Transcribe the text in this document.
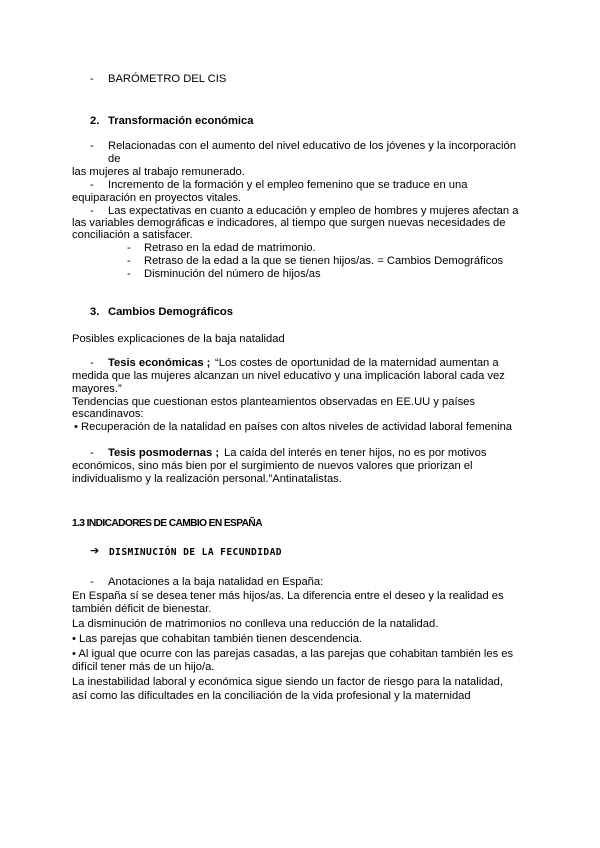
- BARÓMETRO DEL CIS
2. Transformación económica
- Relacionadas con el aumento del nivel educativo de los jóvenes y la incorporación
de
las mujeres al trabajo remunerado.
- Incremento de la formación y el empleo femenino que se traduce en una
equiparación en proyectos vitales.
- Las expectativas en cuanto a educación y empleo de hombres y mujeres afectan a
las variables demográficas e indicadores, al tiempo que surgen nuevas necesidades de
conciliación a satisfacer.
- Retraso en la edad de matrimonio.
- Retraso de la edad a la que se tienen hijos/as. = Cambios Demográficos
- Disminución del número de hijos/as
3. Cambios Demográficos
Posibles explicaciones de la baja natalidad
- Tesis económicas ; “Los costes de oportunidad de la maternidad aumentan a
medida que las mujeres alcanzan un nivel educativo y una implicación laboral cada vez
mayores.”
Tendencias que cuestionan estos planteamientos observadas en EE.UU y países
escandinavos:
• Recuperación de la natalidad en países con altos niveles de actividad laboral femenina
- Tesis posmodernas ; La caída del interés en tener hijos, no es por motivos
económicos, sino más bien por el surgimiento de nuevos valores que priorizan el
individualismo y la realización personal.”Antinatalistas.
1.3 INDICADORES DE CAMBIO EN ESPAÑA
➔ DISMINUCIÓN DE LA FECUNDIDAD
- Anotaciones a la baja natalidad en España:
En España sí se desea tener más hijos/as. La diferencia entre el deseo y la realidad es
también déficit de bienestar.
La disminución de matrimonios no conlleva una reducción de la natalidad.
• Las parejas que cohabitan también tienen descendencia.
• Al igual que ocurre con las parejas casadas, a las parejas que cohabitan también les es
difícil tener más de un hijo/a.
La inestabilidad laboral y económica sigue siendo un factor de riesgo para la natalidad,
así como las dificultades en la conciliación de la vida profesional y la maternidad
